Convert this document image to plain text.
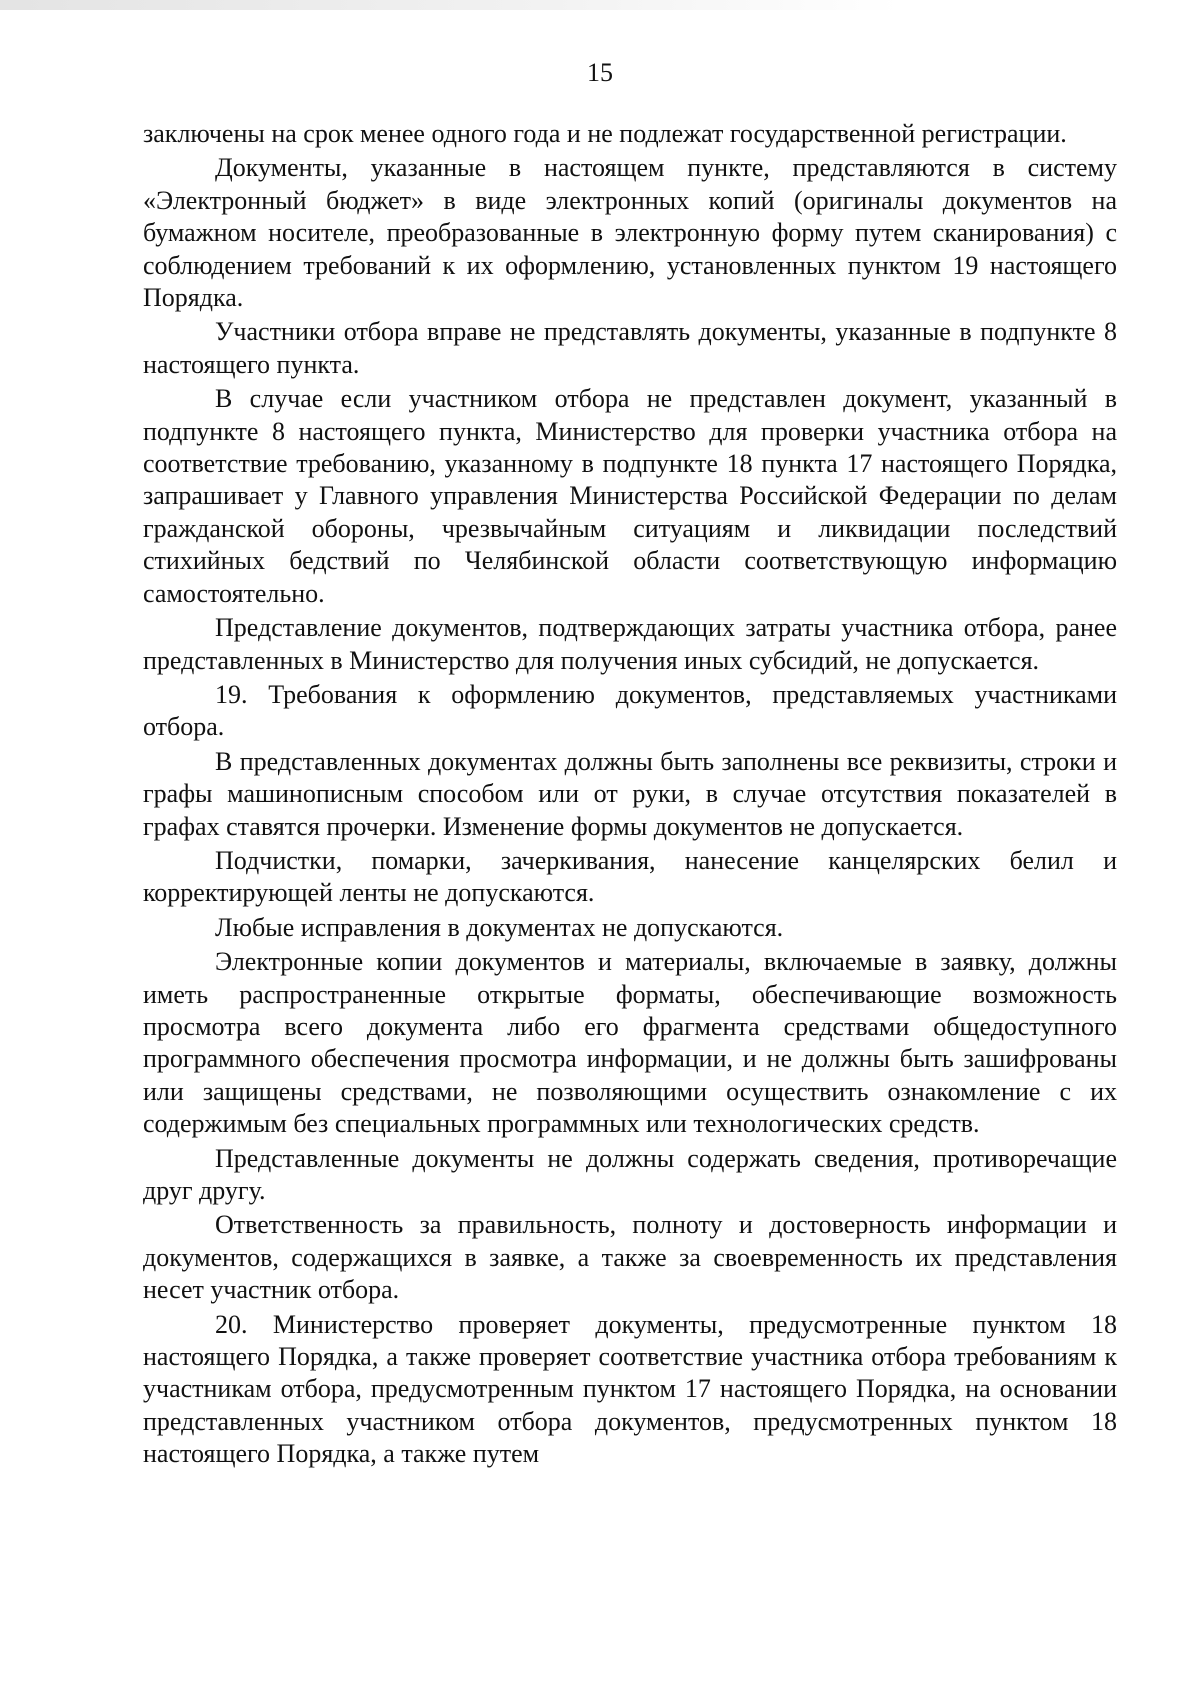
15

заключены на срок менее одного года и не подлежат государственной регистрации.

Документы, указанные в настоящем пункте, представляются в систему «Электронный бюджет» в виде электронных копий (оригиналы документов на бумажном носителе, преобразованные в электронную форму путем сканирования) с соблюдением требований к их оформлению, установленных пунктом 19 настоящего Порядка.

Участники отбора вправе не представлять документы, указанные в подпункте 8 настоящего пункта.

В случае если участником отбора не представлен документ, указанный в подпункте 8 настоящего пункта, Министерство для проверки участника отбора на соответствие требованию, указанному в подпункте 18 пункта 17 настоящего Порядка, запрашивает у Главного управления Министерства Российской Федерации по делам гражданской обороны, чрезвычайным ситуациям и ликвидации последствий стихийных бедствий по Челябинской области соответствующую информацию самостоятельно.

Представление документов, подтверждающих затраты участника отбора, ранее представленных в Министерство для получения иных субсидий, не допускается.

19. Требования к оформлению документов, представляемых участниками отбора.

В представленных документах должны быть заполнены все реквизиты, строки и графы машинописным способом или от руки, в случае отсутствия показателей в графах ставятся прочерки. Изменение формы документов не допускается.

Подчистки, помарки, зачеркивания, нанесение канцелярских белил и корректирующей ленты не допускаются.

Любые исправления в документах не допускаются.

Электронные копии документов и материалы, включаемые в заявку, должны иметь распространенные открытые форматы, обеспечивающие возможность просмотра всего документа либо его фрагмента средствами общедоступного программного обеспечения просмотра информации, и не должны быть зашифрованы или защищены средствами, не позволяющими осуществить ознакомление с их содержимым без специальных программных или технологических средств.

Представленные документы не должны содержать сведения, противоречащие друг другу.

Ответственность за правильность, полноту и достоверность информации и документов, содержащихся в заявке, а также за своевременность их представления несет участник отбора.

20. Министерство проверяет документы, предусмотренные пунктом 18 настоящего Порядка, а также проверяет соответствие участника отбора требованиям к участникам отбора, предусмотренным пунктом 17 настоящего Порядка, на основании представленных участником отбора документов, предусмотренных пунктом 18 настоящего Порядка, а также путем
